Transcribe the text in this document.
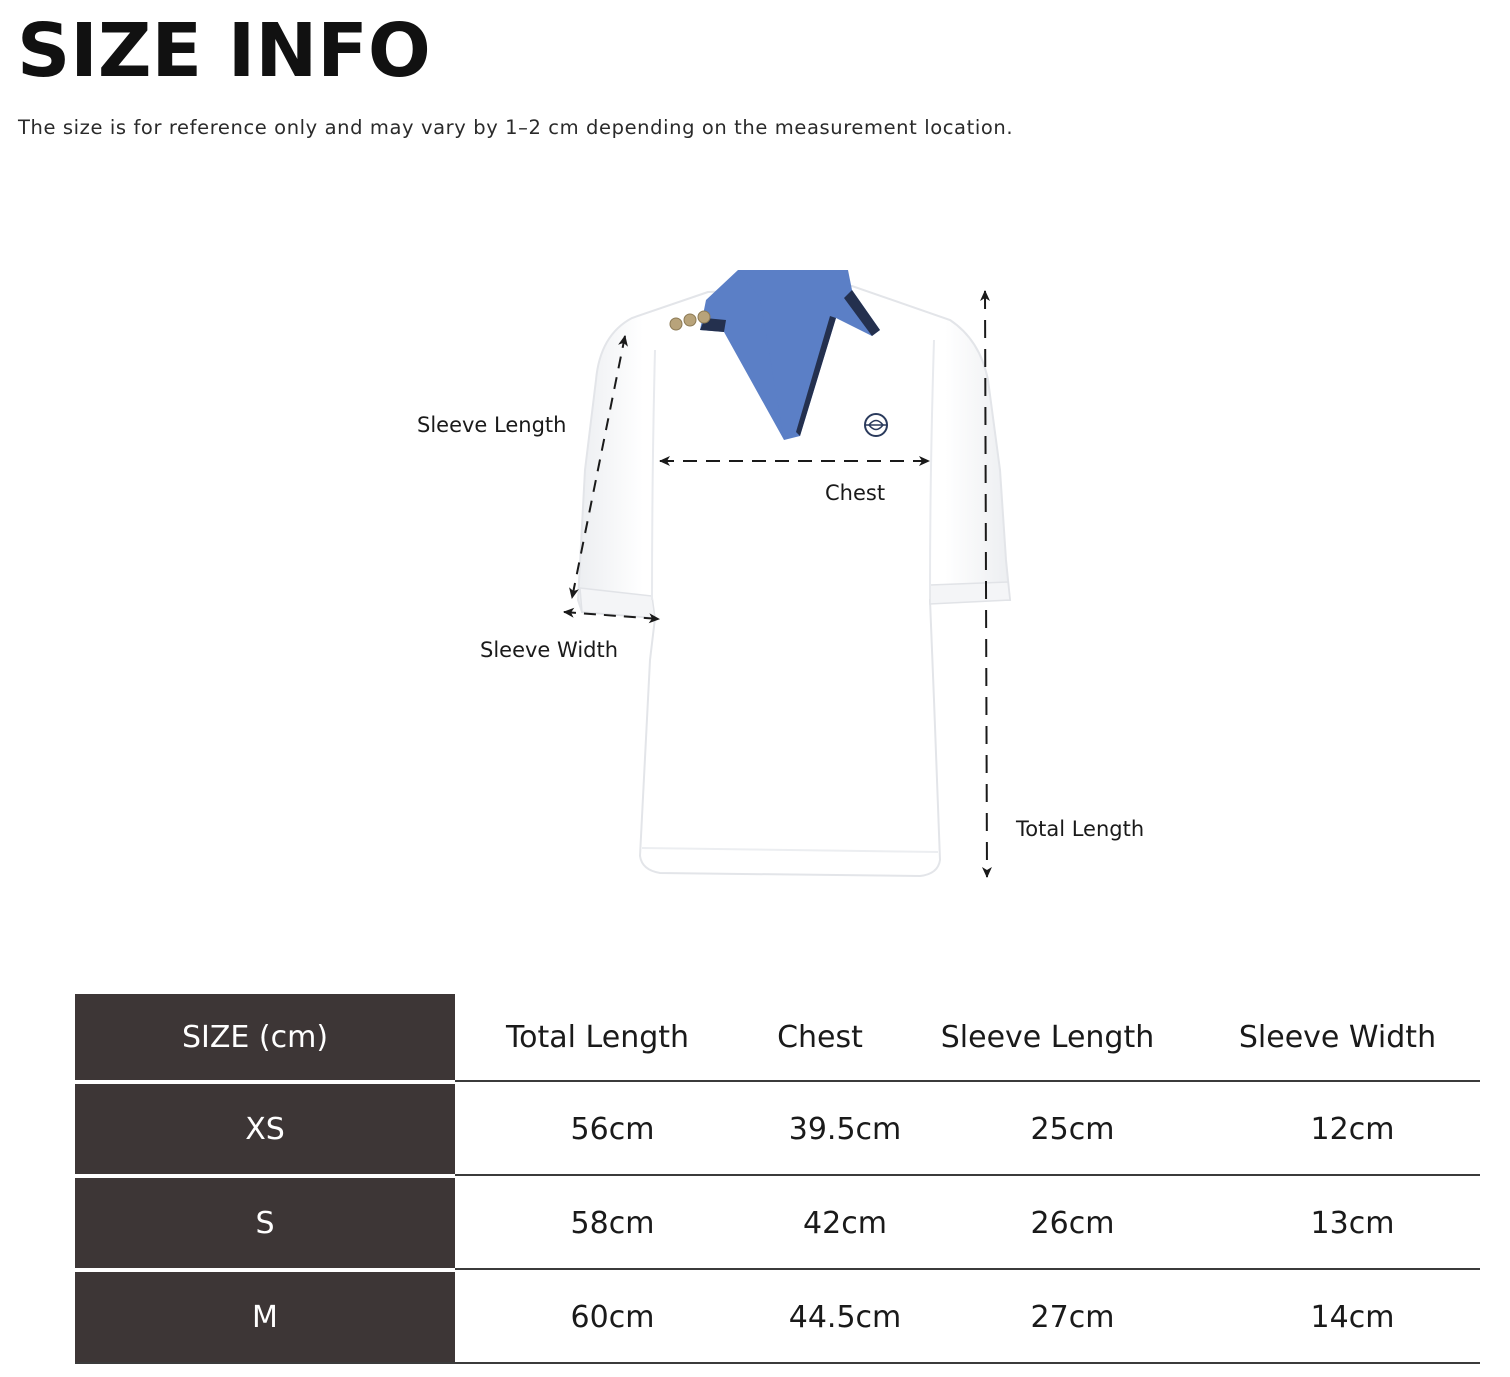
SIZE INFO

The size is for reference only and may vary by 1–2 cm depending on the measurement location.

Sleeve Length
Chest
Sleeve Width
Total Length
SIZE (cm)	Total Length	Chest	Sleeve Length	Sleeve Width
XS	56cm	39.5cm	25cm	12cm
S	58cm	42cm	26cm	13cm
M	60cm	44.5cm	27cm	14cm
